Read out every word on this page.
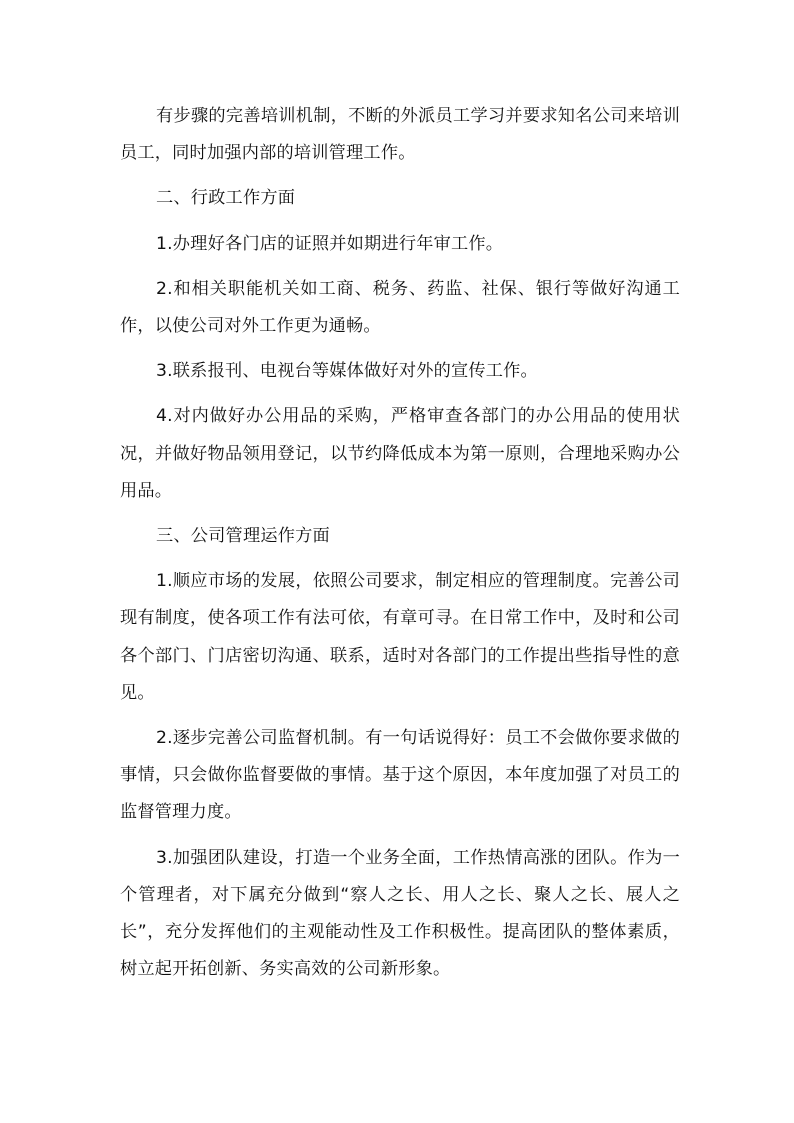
有步骤的完善培训机制，不断的外派员工学习并要求知名公司来培训员工，同时加强内部的培训管理工作。

二、行政工作方面

1.办理好各门店的证照并如期进行年审工作。

2.和相关职能机关如工商、税务、药监、社保、银行等做好沟通工作，以使公司对外工作更为通畅。

3.联系报刊、电视台等媒体做好对外的宣传工作。

4.对内做好办公用品的采购，严格审查各部门的办公用品的使用状况，并做好物品领用登记，以节约降低成本为第一原则，合理地采购办公用品。

三、公司管理运作方面

1.顺应市场的发展，依照公司要求，制定相应的管理制度。完善公司现有制度，使各项工作有法可依，有章可寻。在日常工作中，及时和公司各个部门、门店密切沟通、联系，适时对各部门的工作提出些指导性的意见。

2.逐步完善公司监督机制。有一句话说得好：员工不会做你要求做的事情，只会做你监督要做的事情。基于这个原因，本年度加强了对员工的监督管理力度。

3.加强团队建设，打造一个业务全面，工作热情高涨的团队。作为一个管理者，对下属充分做到“察人之长、用人之长、聚人之长、展人之长”，充分发挥他们的主观能动性及工作积极性。提高团队的整体素质，树立起开拓创新、务实高效的公司新形象。
